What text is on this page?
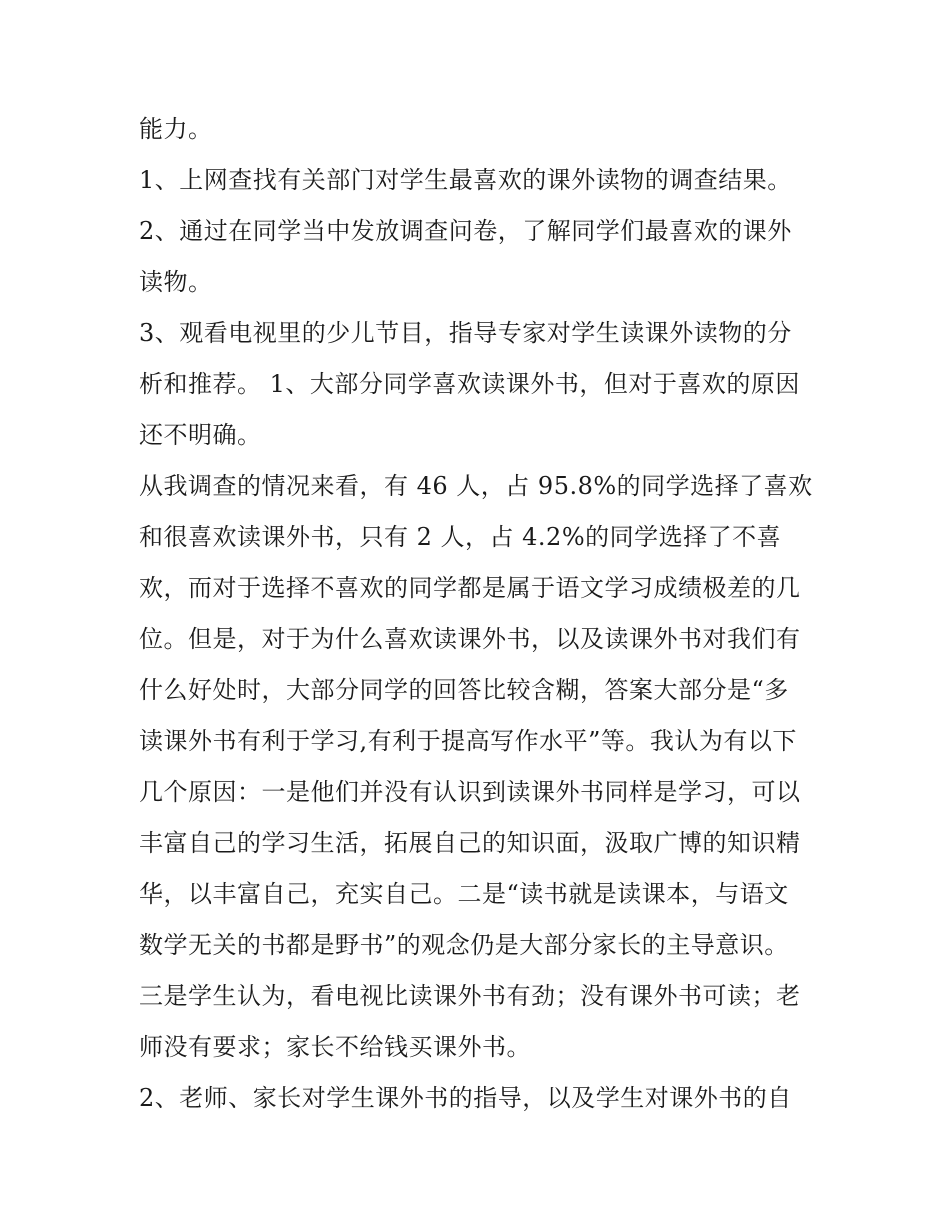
能力。
1、上网查找有关部门对学生最喜欢的课外读物的调查结果。
2、通过在同学当中发放调查问卷，了解同学们最喜欢的课外
读物。
3、观看电视里的少儿节目，指导专家对学生读课外读物的分
析和推荐。 1、大部分同学喜欢读课外书，但对于喜欢的原因
还不明确。
从我调查的情况来看，有 46 人，占 95.8%的同学选择了喜欢
和很喜欢读课外书，只有 2 人，占 4.2%的同学选择了不喜
欢，而对于选择不喜欢的同学都是属于语文学习成绩极差的几
位。但是，对于为什么喜欢读课外书，以及读课外书对我们有
什么好处时，大部分同学的回答比较含糊，答案大部分是“多
读课外书有利于学习,有利于提高写作水平”等。我认为有以下
几个原因：一是他们并没有认识到读课外书同样是学习，可以
丰富自己的学习生活，拓展自己的知识面，汲取广博的知识精
华，以丰富自己，充实自己。二是“读书就是读课本，与语文
数学无关的书都是野书”的观念仍是大部分家长的主导意识。
三是学生认为，看电视比读课外书有劲；没有课外书可读；老
师没有要求；家长不给钱买课外书。
2、老师、家长对学生课外书的指导，以及学生对课外书的自
